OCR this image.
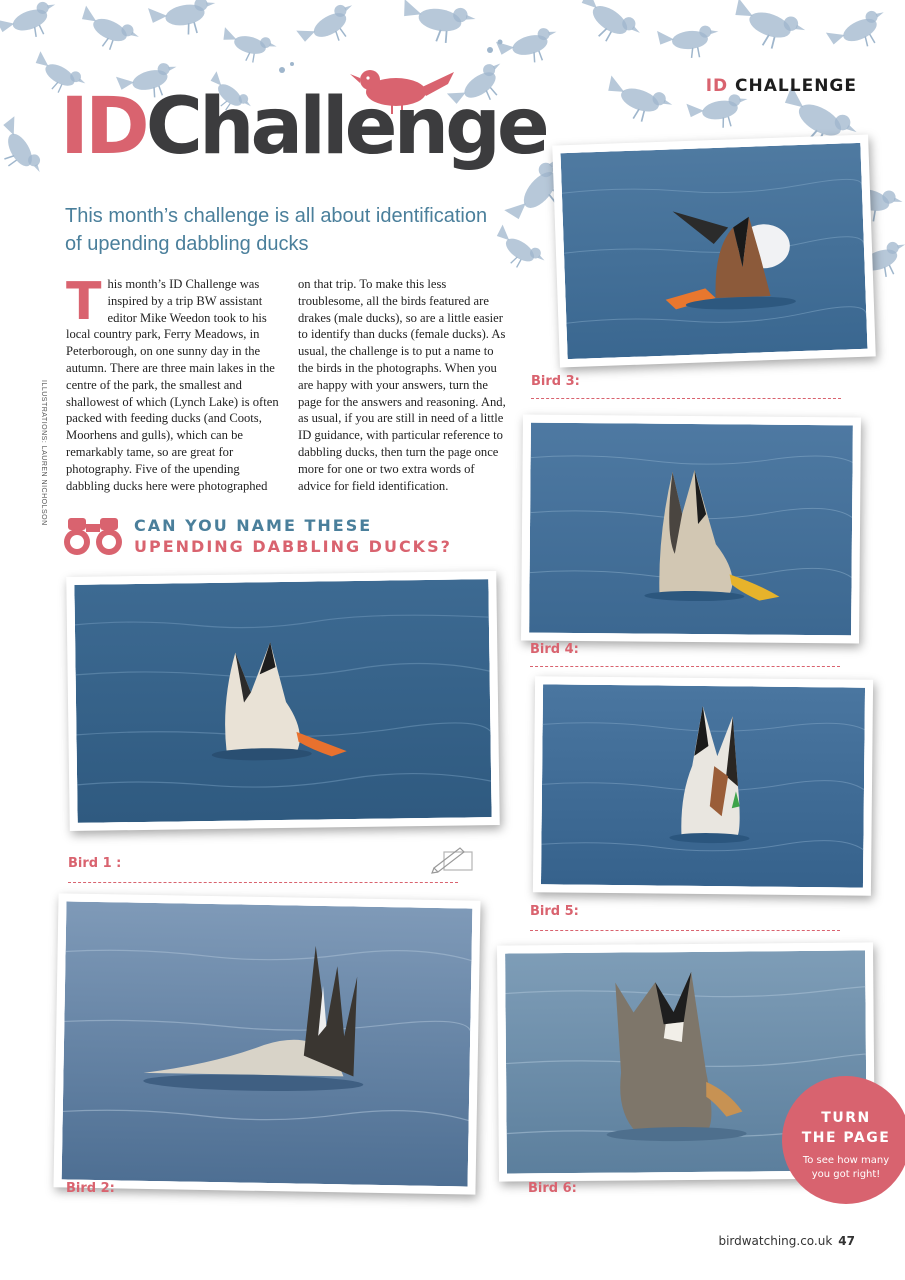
ID CHALLENGE
IDChallenge
This month’s challenge is all about identification of upending dabbling ducks
This month’s ID Challenge was inspired by a trip BW assistant editor Mike Weedon took to his local country park, Ferry Meadows, in Peterborough, on one sunny day in the autumn. There are three main lakes in the centre of the park, the smallest and shallowest of which (Lynch Lake) is often packed with feeding ducks (and Coots, Moorhens and gulls), which can be remarkably tame, so are great for photography. Five of the upending dabbling ducks here were photographed
on that trip. To make this less troublesome, all the birds featured are drakes (male ducks), so are a little easier to identify than ducks (female ducks). As usual, the challenge is to put a name to the birds in the photographs. When you are happy with your answers, turn the page for the answers and reasoning. And, as usual, if you are still in need of a little ID guidance, with particular reference to dabbling ducks, then turn the page once more for one or two extra words of advice for field identification.
ILLUSTRATIONS: LAUREN NICHOLSON	CAN YOU NAME THESE
UPENDING DABBLING DUCKS?
Bird 1 :
Bird 2:
Bird 3:
Bird 4:
Bird 5:
Bird 6:
TURN
THE PAGE
To see how many
you got right!
birdwatching.co.uk 47
